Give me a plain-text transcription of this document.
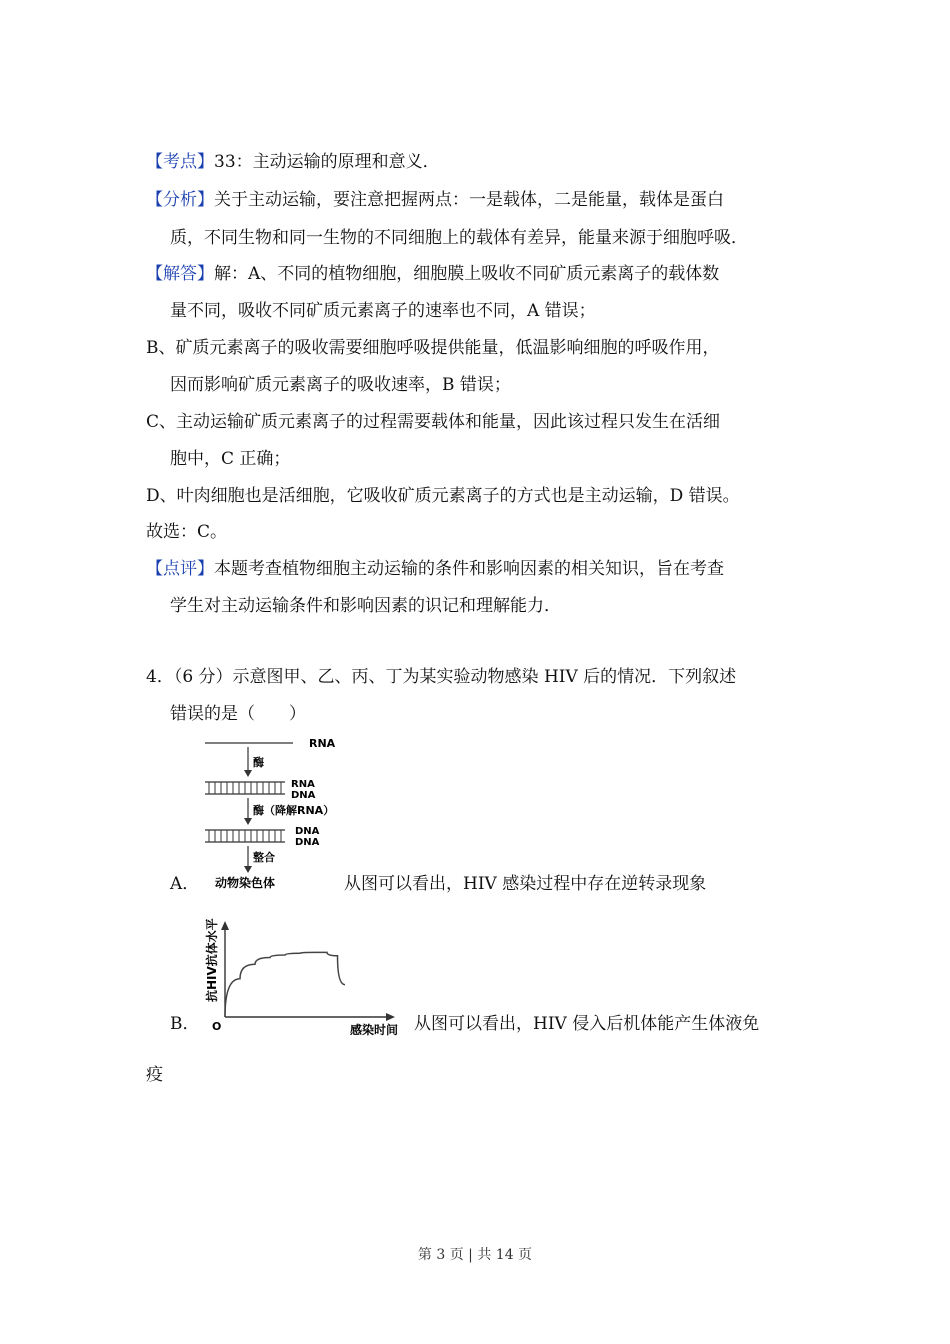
【考点】33：主动运输的原理和意义．
【分析】关于主动运输，要注意把握两点：一是载体，二是能量，载体是蛋白
质，不同生物和同一生物的不同细胞上的载体有差异，能量来源于细胞呼吸．
【解答】解：A、不同的植物细胞，细胞膜上吸收不同矿质元素离子的载体数
量不同，吸收不同矿质元素离子的速率也不同，A 错误；
B、矿质元素离子的吸收需要细胞呼吸提供能量，低温影响细胞的呼吸作用，
因而影响矿质元素离子的吸收速率，B 错误；
C、主动运输矿质元素离子的过程需要载体和能量，因此该过程只发生在活细
胞中，C 正确；
D、叶肉细胞也是活细胞，它吸收矿质元素离子的方式也是主动运输，D 错误。
故选：C。
【点评】本题考查植物细胞主动运输的条件和影响因素的相关知识，旨在考查
学生对主动运输条件和影响因素的识记和理解能力．
4．（6 分）示意图甲、乙、丙、丁为某实验动物感染 HIV 后的情况．下列叙述
错误的是（　　）
RNA
酶
RNA
DNA
酶（降解RNA）
DNA
DNA
整合
动物染色体
A．	从图可以看出，HIV 感染过程中存在逆转录现象
O
抗HIV抗体水平
感染时间
B．	从图可以看出，HIV 侵入后机体能产生体液免
疫
第 3 页 | 共 14 页
